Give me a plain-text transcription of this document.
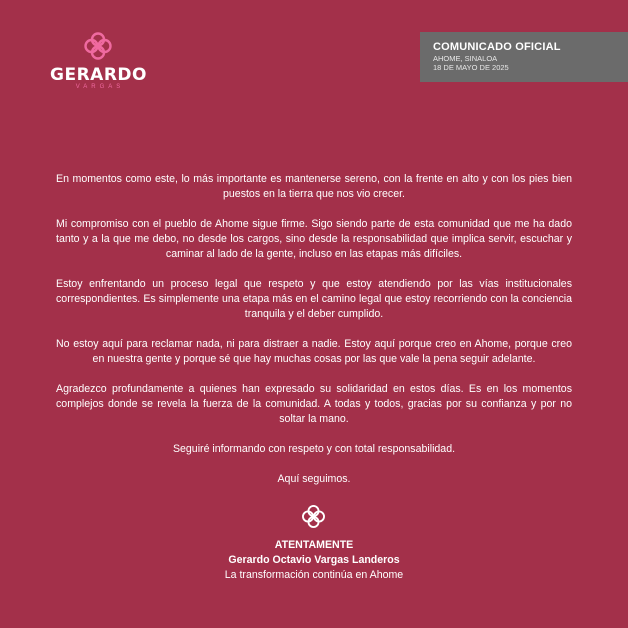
GERARDO
VARGAS
COMUNICADO OFICIAL
AHOME, SINALOA
18 DE MAYO DE 2025

En momentos como este, lo más importante es mantenerse sereno, con la frente en alto y con los pies bien puestos en la tierra que nos vio crecer.

Mi compromiso con el pueblo de Ahome sigue firme. Sigo siendo parte de esta comunidad que me ha dado tanto y a la que me debo, no desde los cargos, sino desde la responsabilidad que implica servir, escuchar y caminar al lado de la gente, incluso en las etapas más difíciles.

Estoy enfrentando un proceso legal que respeto y que estoy atendiendo por las vías institucionales correspondientes. Es simplemente una etapa más en el camino legal que estoy recorriendo con la conciencia tranquila y el deber cumplido.

No estoy aquí para reclamar nada, ni para distraer a nadie. Estoy aquí porque creo en Ahome, porque creo en nuestra gente y porque sé que hay muchas cosas por las que vale la pena seguir adelante.

Agradezco profundamente a quienes han expresado su solidaridad en estos días. Es en los momentos complejos donde se revela la fuerza de la comunidad. A todas y todos, gracias por su confianza y por no soltar la mano.

Seguiré informando con respeto y con total responsabilidad.

Aquí seguimos.

ATENTAMENTE
Gerardo Octavio Vargas Landeros
La transformación continúa en Ahome
